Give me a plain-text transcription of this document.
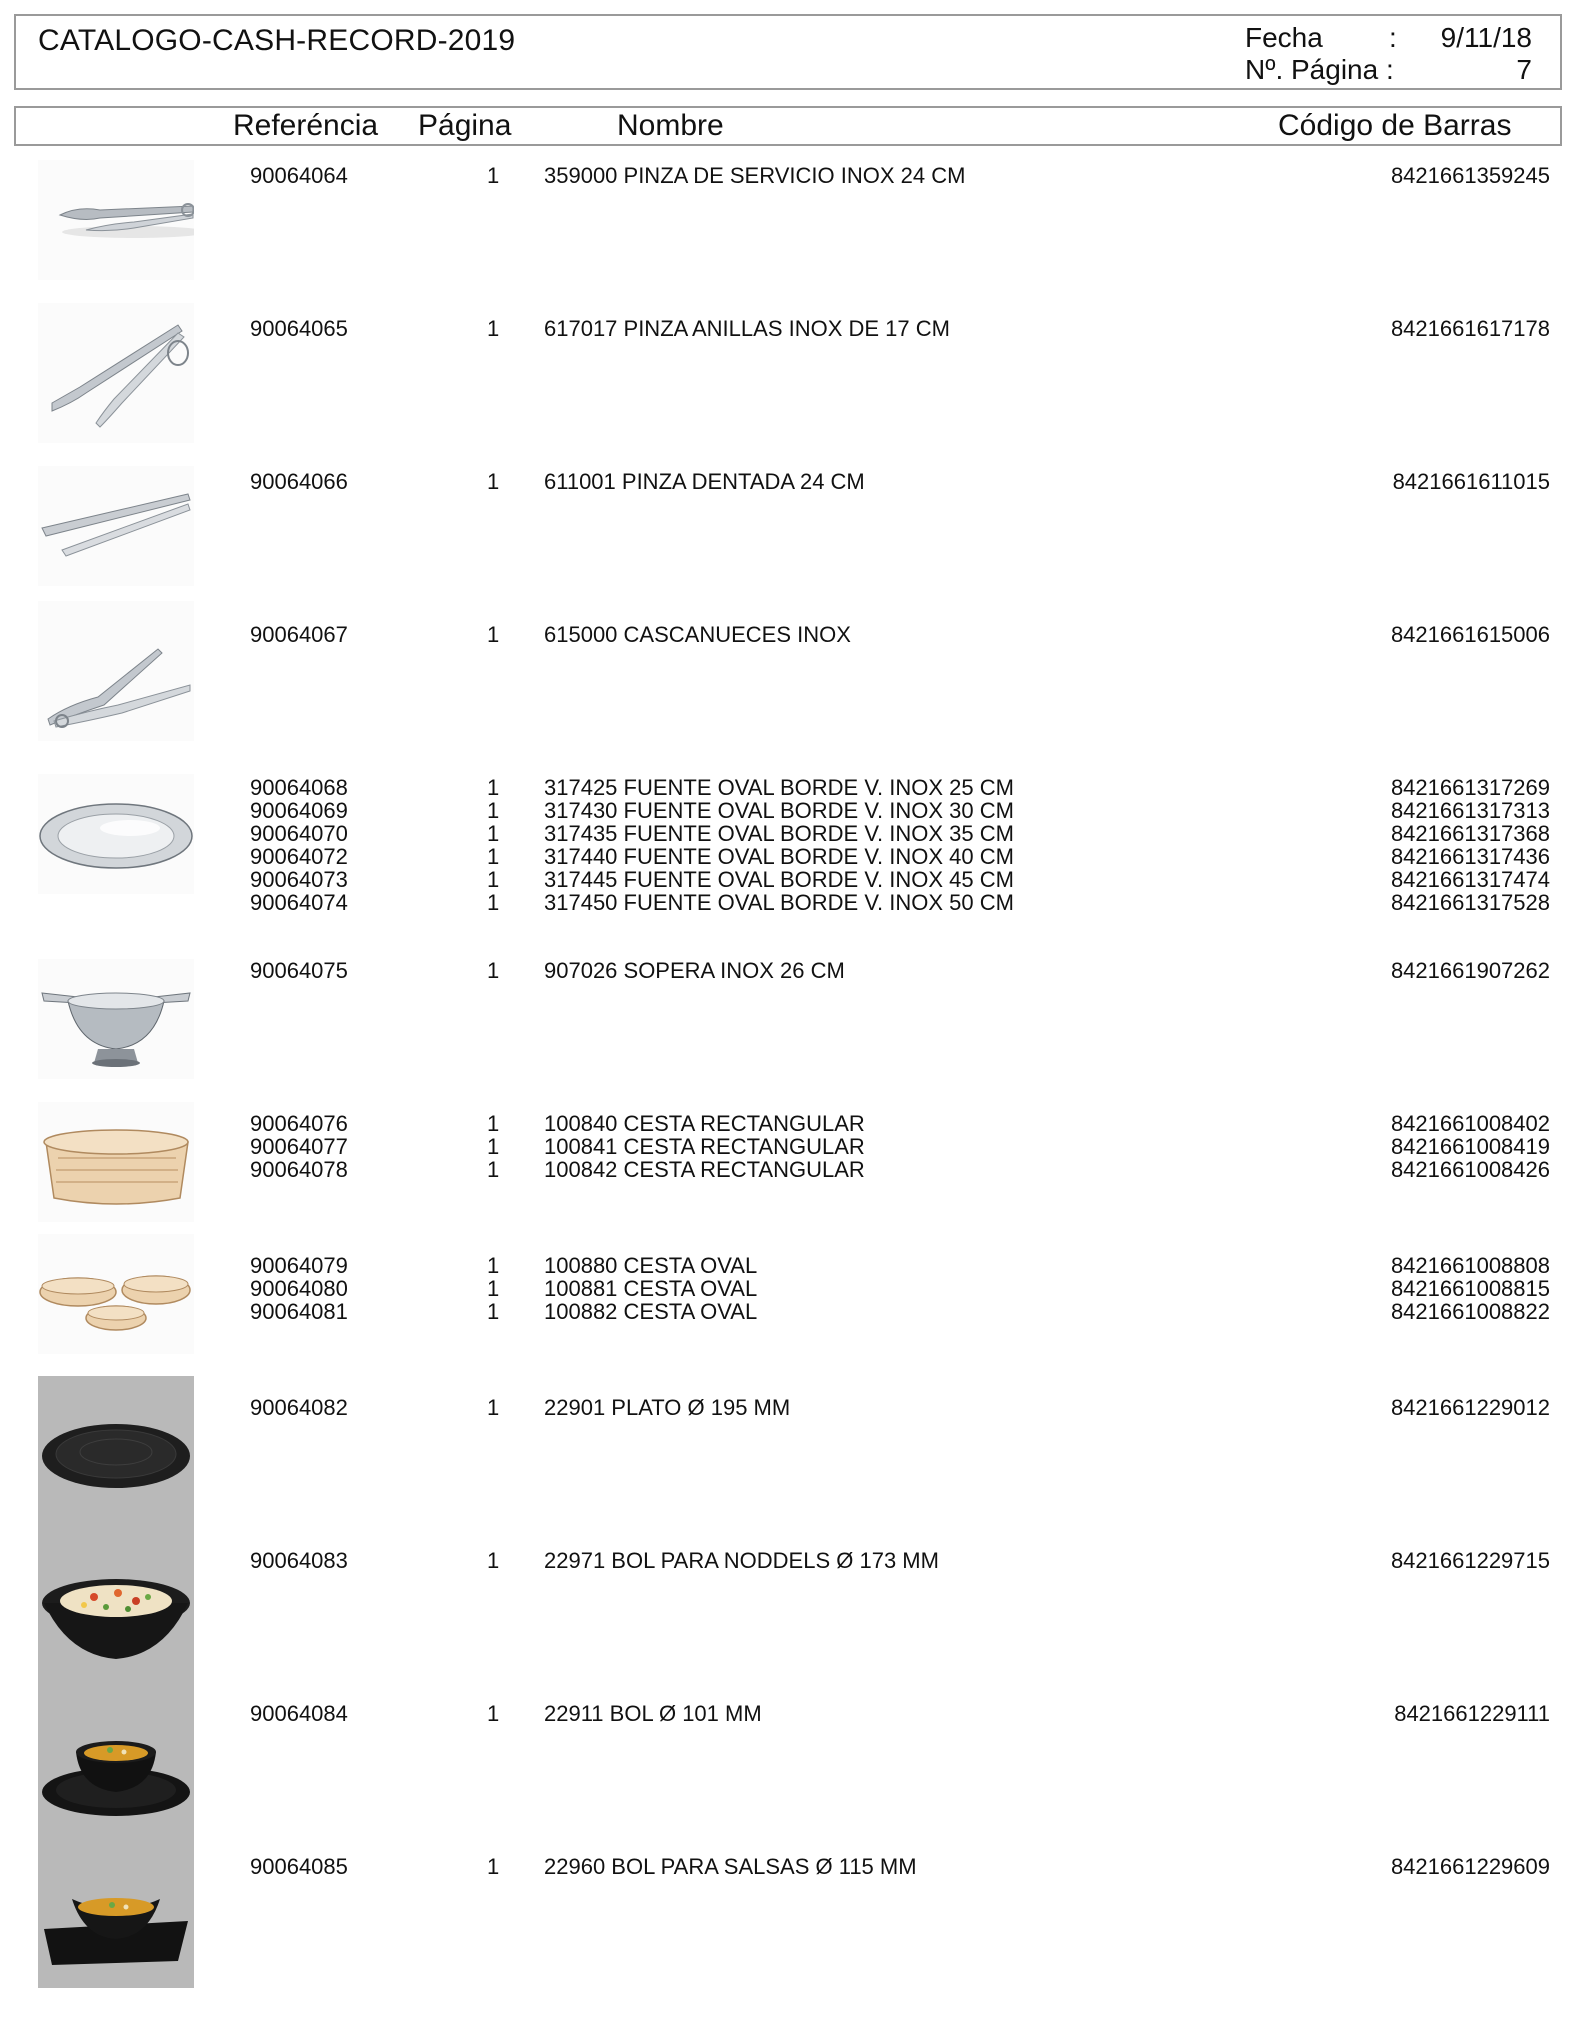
CATALOGO-CASH-RECORD-2019	Fecha : 9/11/18
Nº. Página :	7
Referéncia Página	Nombre	Código de Barras
90064064	1 359000 PINZA DE SERVICIO INOX 24 CM	8421661359245
90064065	1 617017 PINZA ANILLAS INOX DE 17 CM	8421661617178
90064066	1 611001 PINZA DENTADA 24 CM	8421661611015
90064067	1 615000 CASCANUECES INOX	8421661615006
90064068	1 317425 FUENTE OVAL BORDE V. INOX 25 CM	8421661317269
90064069	1 317430 FUENTE OVAL BORDE V. INOX 30 CM	8421661317313
90064070	1 317435 FUENTE OVAL BORDE V. INOX 35 CM	8421661317368
90064072	1 317440 FUENTE OVAL BORDE V. INOX 40 CM	8421661317436
90064073	1 317445 FUENTE OVAL BORDE V. INOX 45 CM	8421661317474
90064074	1 317450 FUENTE OVAL BORDE V. INOX 50 CM	8421661317528
90064075	1 907026 SOPERA INOX 26 CM	8421661907262
90064076	1 100840 CESTA RECTANGULAR	8421661008402
90064077	1 100841 CESTA RECTANGULAR	8421661008419
90064078	1 100842 CESTA RECTANGULAR	8421661008426
90064079	1 100880 CESTA OVAL	8421661008808
90064080	1 100881 CESTA OVAL	8421661008815
90064081	1 100882 CESTA OVAL	8421661008822
90064082	1 22901 PLATO Ø 195 MM	8421661229012
90064083	1 22971 BOL PARA NODDELS Ø 173 MM	8421661229715
90064084	1 22911 BOL Ø 101 MM	8421661229111
90064085	1 22960 BOL PARA SALSAS Ø 115 MM	8421661229609
